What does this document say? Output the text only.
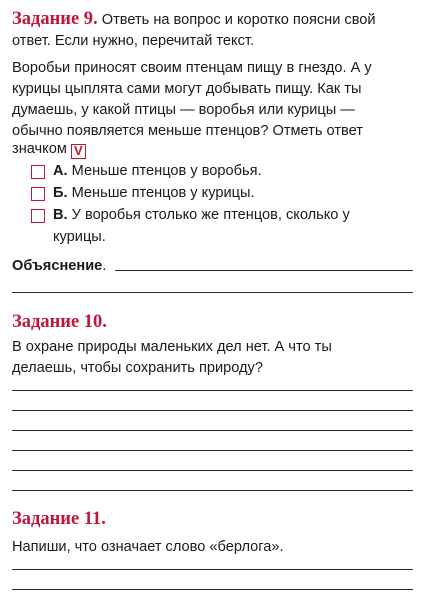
Задание 9. Ответь на вопрос и коротко поясни свой
ответ. Если нужно, перечитай текст.
Воробьи приносят своим птенцам пищу в гнездо. А у
курицы цыплята сами могут добывать пищу. Как ты
думаешь, у какой птицы — воробья или курицы —
обычно появляется меньше птенцов? Отметь ответ
значком V
А. Меньше птенцов у воробья.
Б. Меньше птенцов у курицы.
В. У воробья столько же птенцов, сколько у
курицы.
Объяснение.
Задание 10.
В охране природы маленьких дел нет. А что ты
делаешь, чтобы сохранить природу?
Задание 11.
Напиши, что означает слово «берлога».
